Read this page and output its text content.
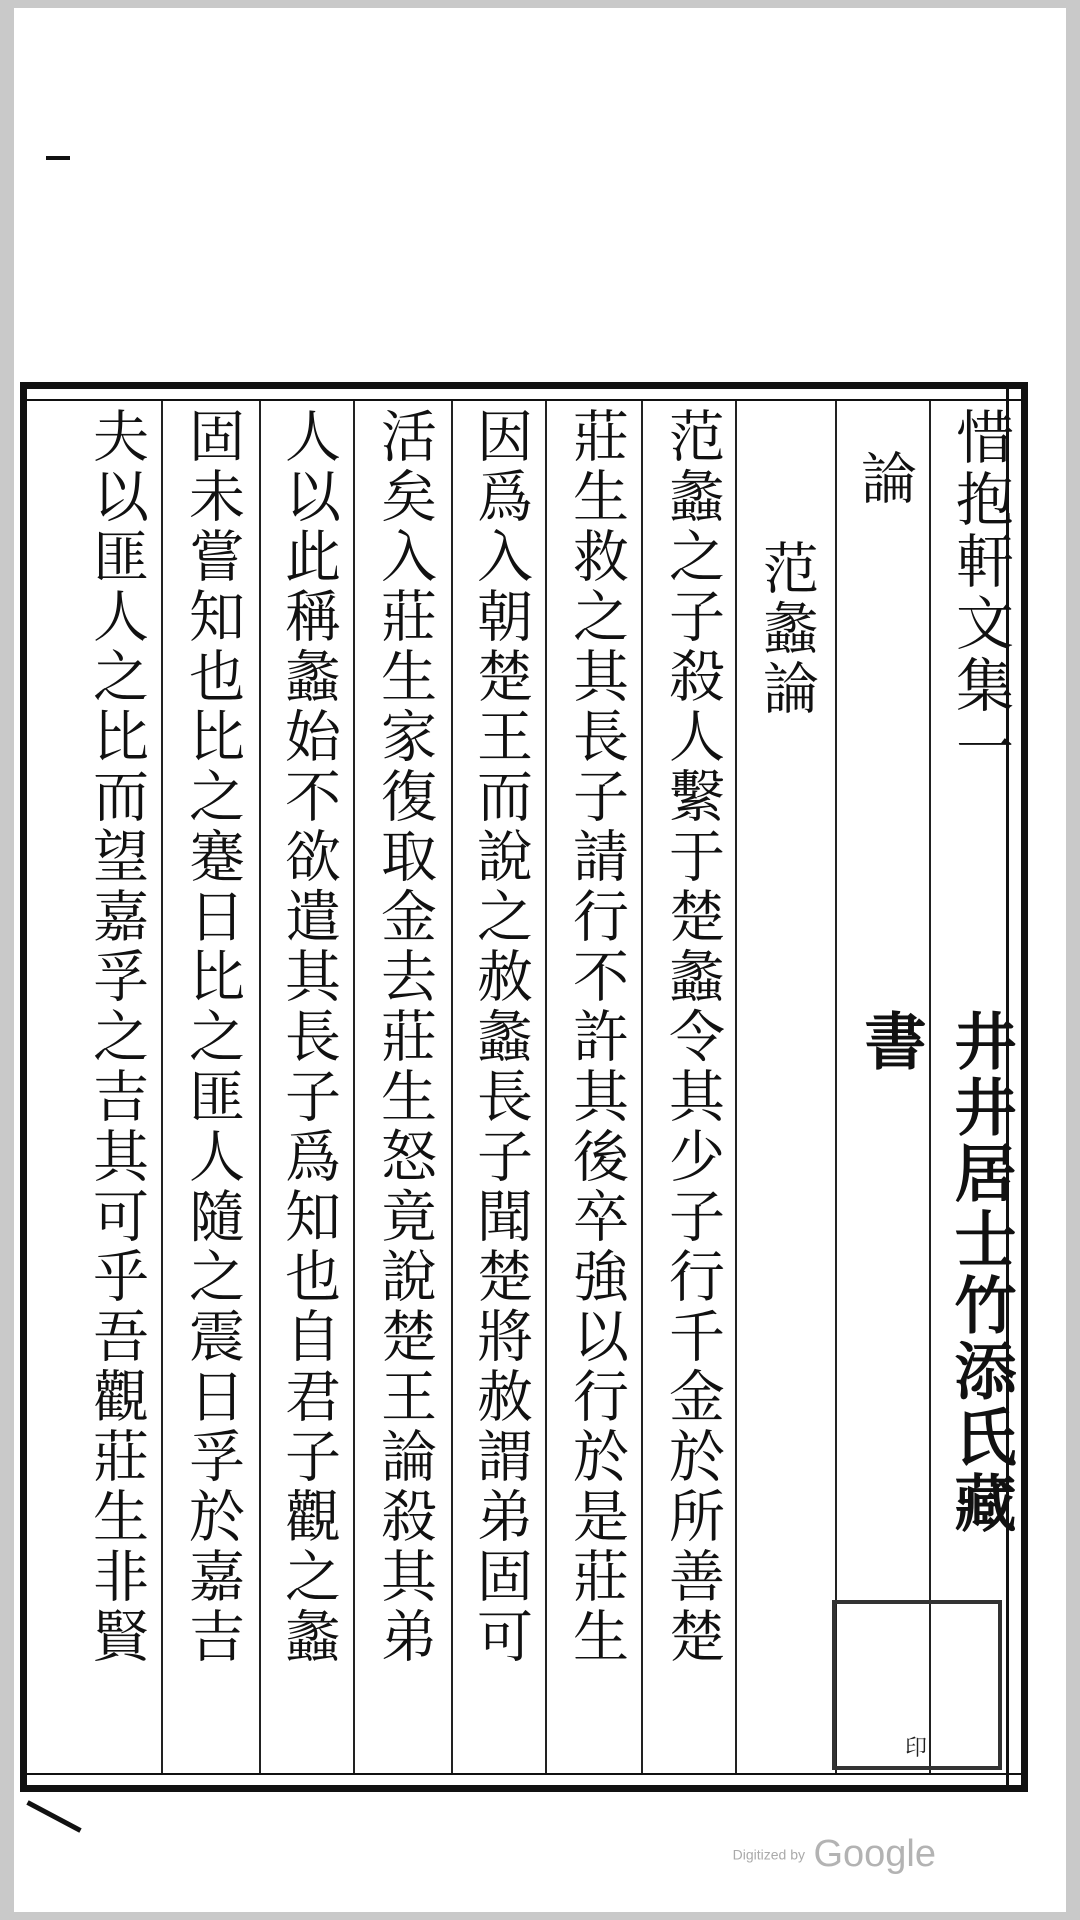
惜抱軒文集一
井井居士竹添氏藏書
論
范蠡論
范蠡之子殺人繫于楚蠡令其少子行千金於所善楚
莊生救之其長子請行不許其後卒強以行於是莊生
因爲入朝楚王而說之赦蠡長子聞楚將赦謂弟固可
活矣入莊生家復取金去莊生怒竟說楚王論殺其弟
人以此稱蠡始不欲遣其長子爲知也自君子觀之蠡
固未嘗知也比之蹇日比之匪人隨之震日孚於嘉吉
夫以匪人之比而望嘉孚之吉其可乎吾觀莊生非賢
印
Digitized by Google
